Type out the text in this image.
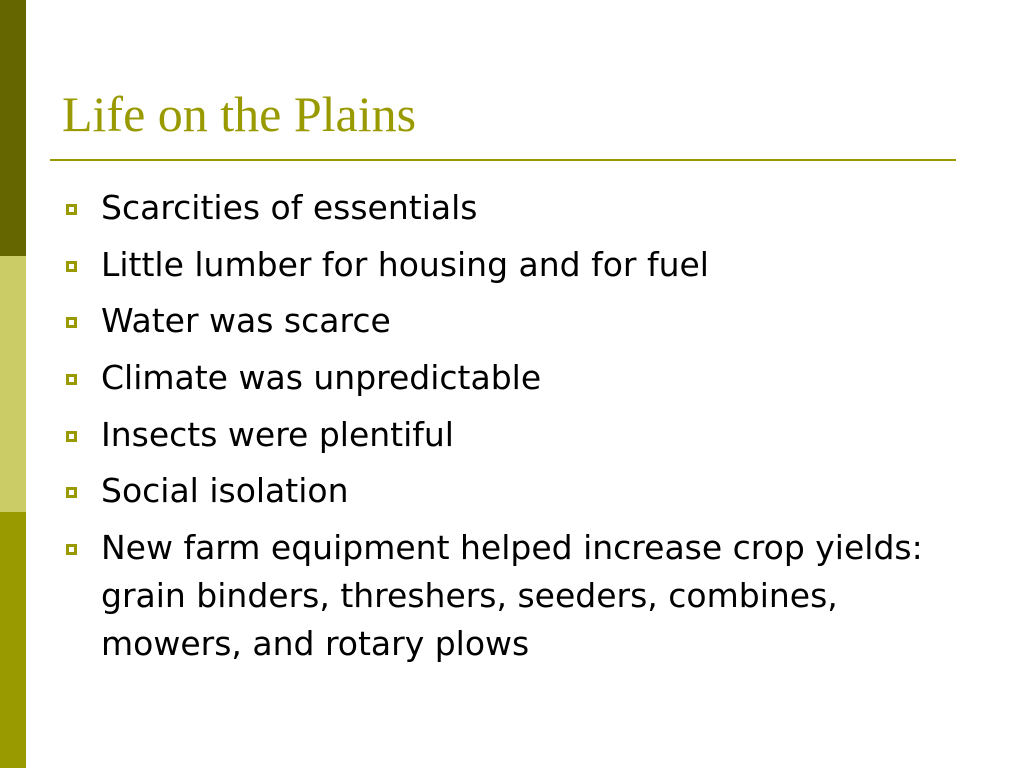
Life on the Plains
Scarcities of essentials
Little lumber for housing and for fuel
Water was scarce
Climate was unpredictable
Insects were plentiful
Social isolation
New farm equipment helped increase crop yields: grain binders, threshers, seeders, combines, mowers, and rotary plows
